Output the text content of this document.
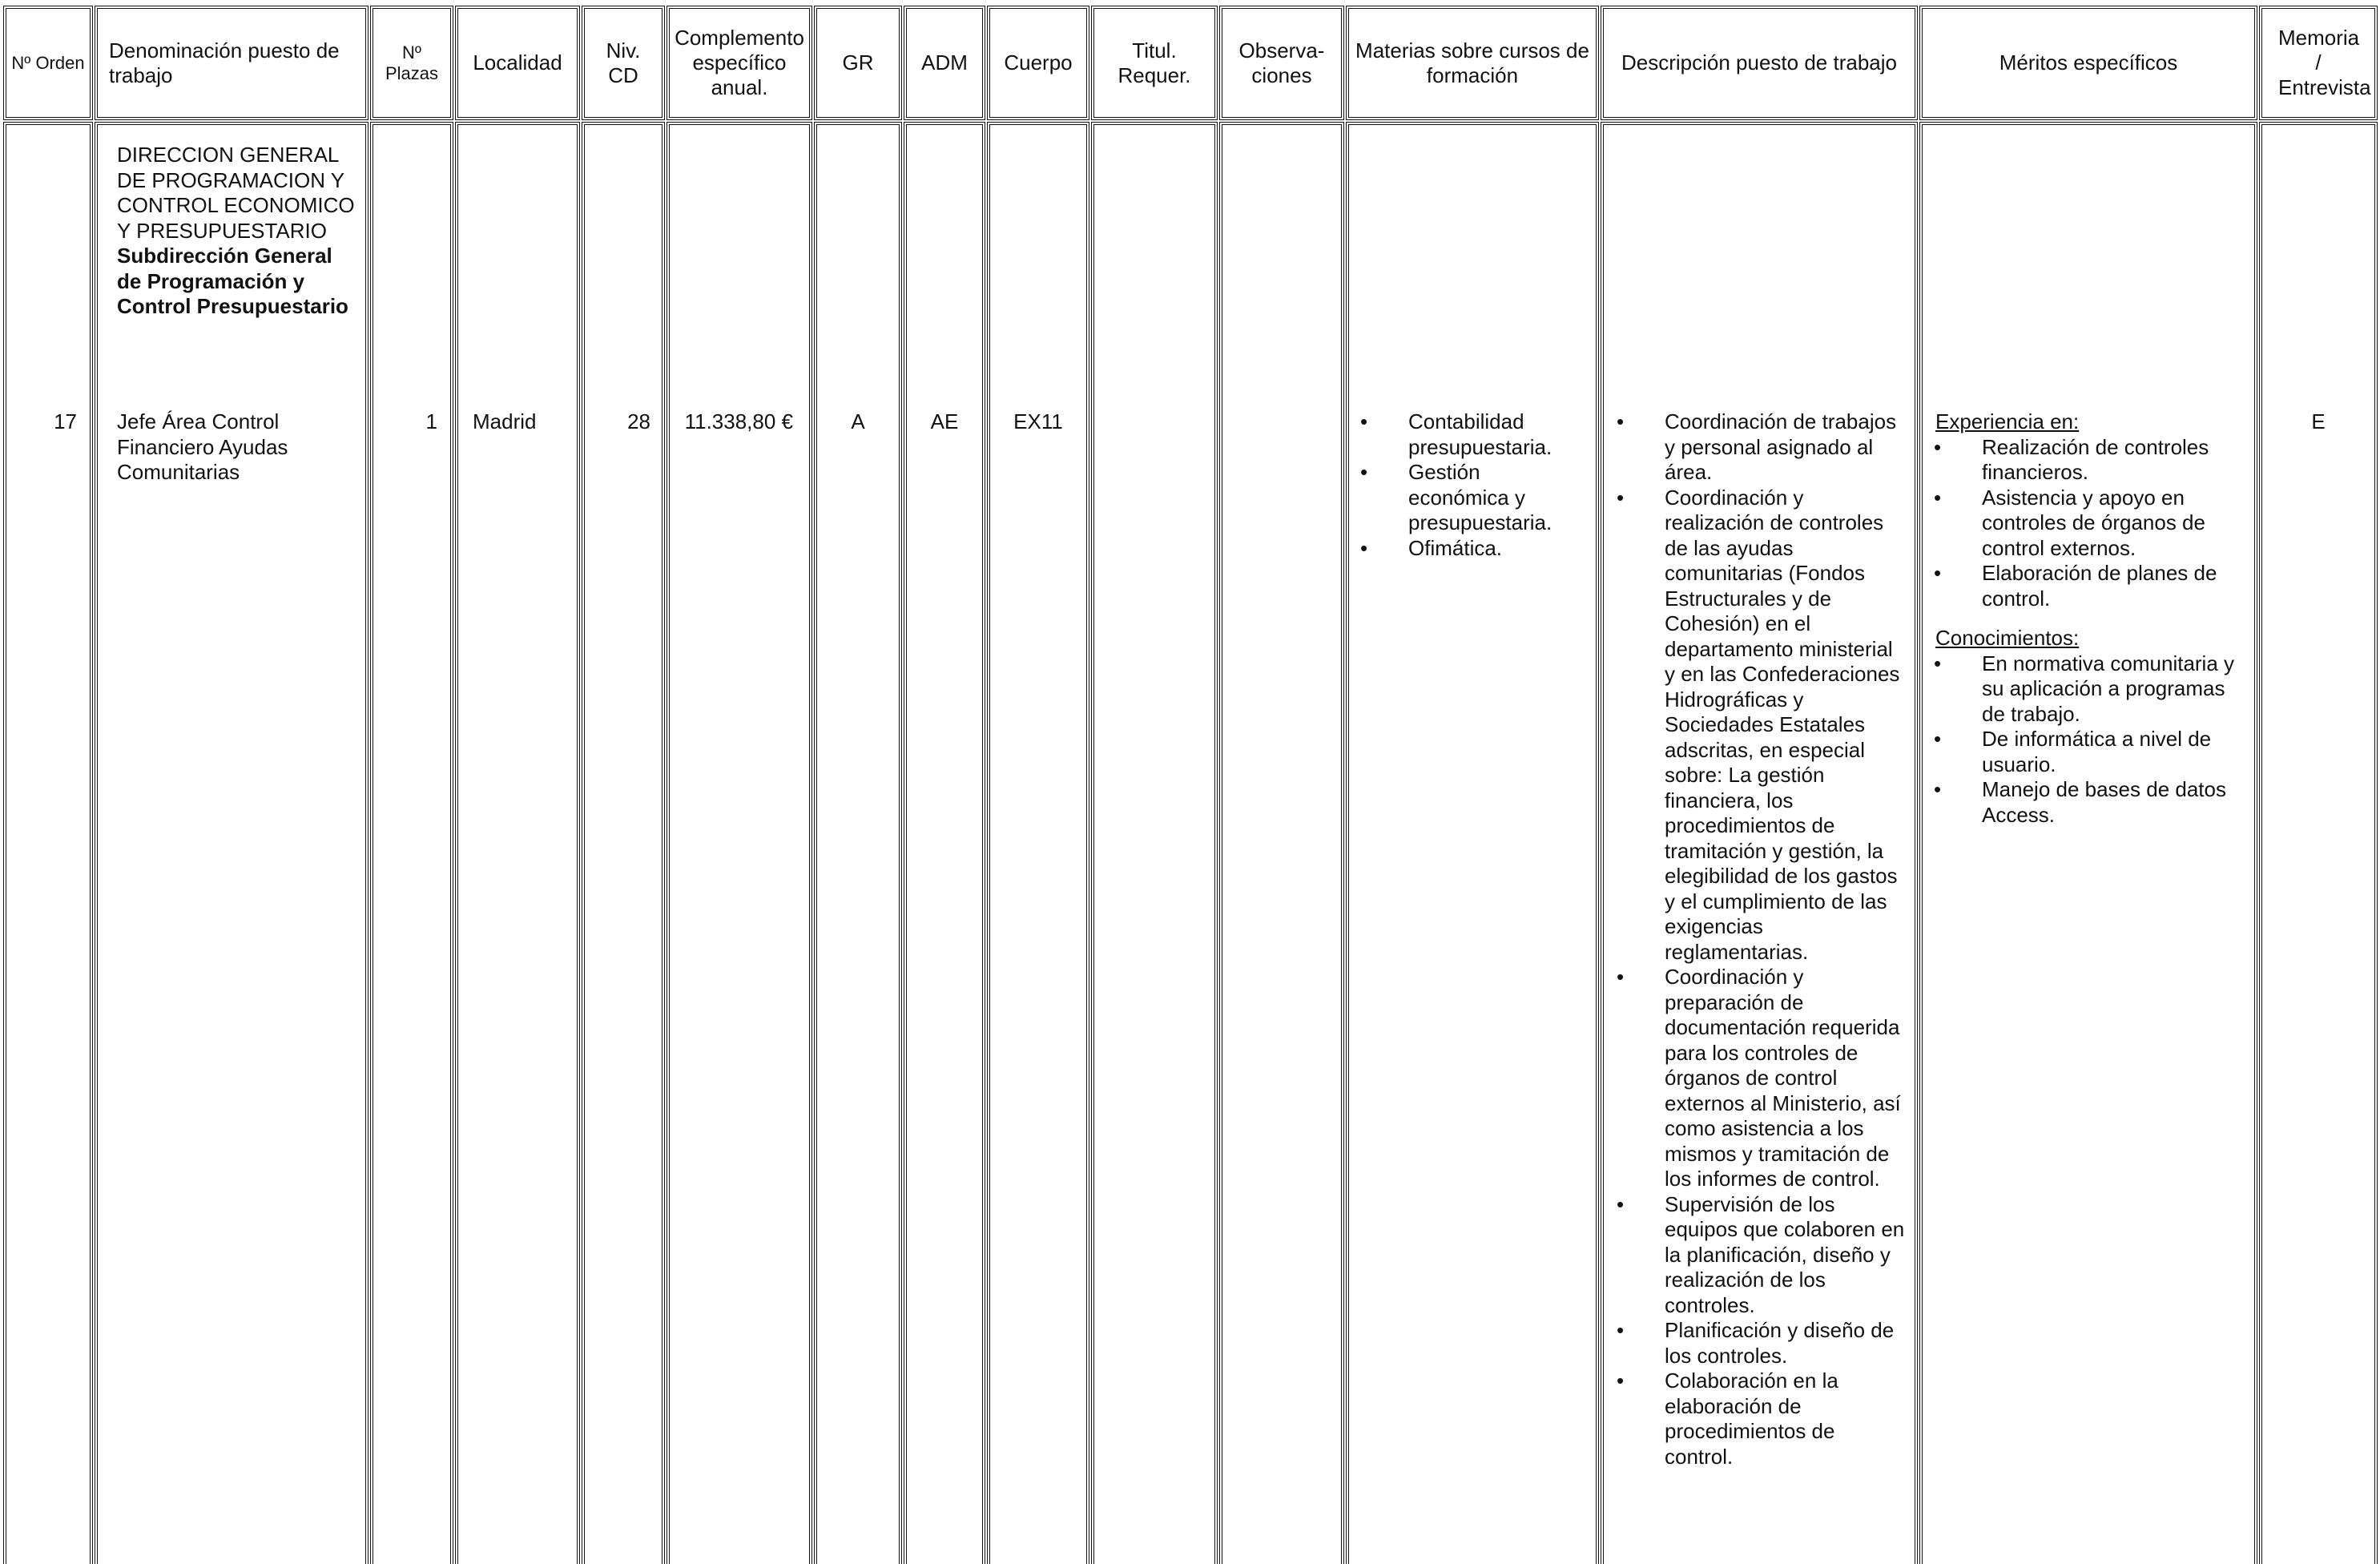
Nº Orden
Denominación puesto de trabajo
Nº Plazas	Localidad
Niv. CD
Complemento específico anual.
GR ADM Cuerpo
Titul. Requer.
Observa-ciones
Materias sobre cursos de formación
Descripción puesto de trabajo	Méritos específicos
Memoria / Entrevista
17
DIRECCION GENERAL DE PROGRAMACION Y CONTROL ECONOMICO Y PRESUPUESTARIO
Subdirección General de Programación y Control Presupuestario
Jefe Área Control Financiero Ayudas Comunitarias
1 Madrid	28 11.338,80 €	A	AE	EX11
•	Contabilidad presupuestaria.
• Gestión económica y presupuestaria.
• Ofimática.
• Coordinación de trabajos y personal asignado al área.
• Coordinación y realización de controles de las ayudas comunitarias (Fondos Estructurales y de Cohesión) en el departamento ministerial y en las Confederaciones Hidrográficas y Sociedades Estatales adscritas, en especial sobre: La gestión financiera, los procedimientos de tramitación y gestión, la elegibilidad de los gastos y el cumplimiento de las exigencias reglamentarias.
• Coordinación y preparación de documentación requerida para los controles de órganos de control externos al Ministerio, así como asistencia a los mismos y tramitación de los informes de control.
• Supervisión de los equipos que colaboren en la planificación, diseño y realización de los controles.
• Planificación y diseño de los controles.
• Colaboración en la elaboración de procedimientos de control.
Experiencia en:
• Realización de controles financieros.
• Asistencia y apoyo en controles de órganos de control externos.
• Elaboración de planes de control.
Conocimientos:
• En normativa comunitaria y su aplicación a programas de trabajo.
• De informática a nivel de usuario.
• Manejo de bases de datos Access.
E
